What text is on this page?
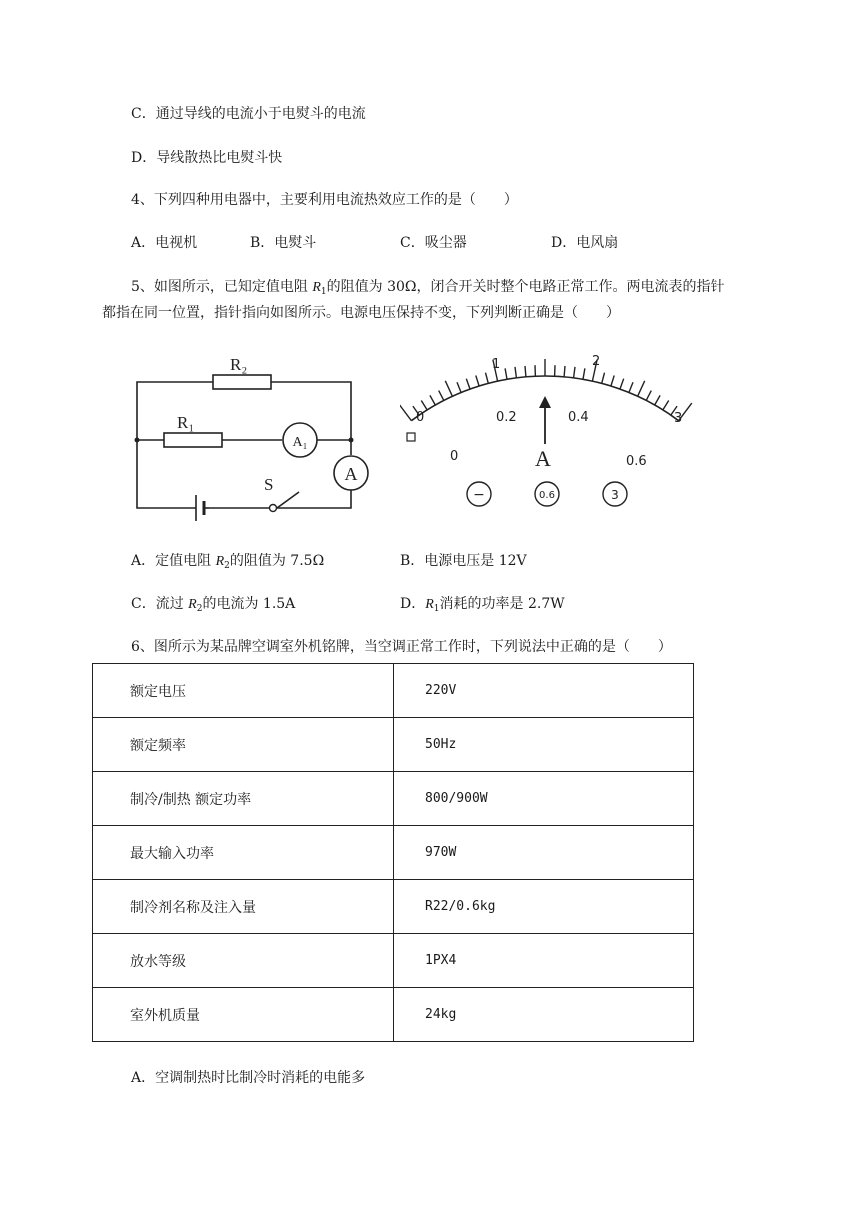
C．通过导线的电流小于电熨斗的电流
D．导线散热比电熨斗快
4、下列四种用电器中，主要利用电流热效应工作的是（　　）
A．电视机	B．电熨斗	C．吸尘器	D．电风扇
5、如图所示，已知定值电阻 $R_1$的阻值为 30Ω，闭合开关时整个电路正常工作。两电流表的指针
都指在同一位置，指针指向如图所示。电源电压保持不变，下列判断正确是（　　）
R₂
R₁
A₁
A
S
0
1	2
3
0
0.2	0.4
0.6
A
−	0.6	3
A．定值电阻 $R_2$的阻值为 7.5Ω	B．电源电压是 12V
C．流过 $R_2$的电流为 1.5A	D．$R_1$消耗的功率是 2.7W
6、图所示为某品牌空调室外机铭牌，当空调正常工作时，下列说法中正确的是（　　）
额定电压	220V
额定频率	50Hz
制冷/制热 额定功率	800/900W
最大输入功率	970W
制冷剂名称及注入量	R22/0.6kg
放水等级	1PX4
室外机质量	24kg
A．空调制热时比制冷时消耗的电能多
